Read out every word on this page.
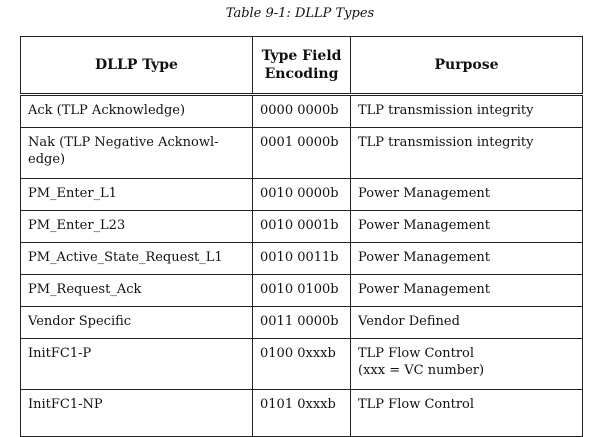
Table 9-1: DLLP Types
DLLP Type	Type Field Encoding	Purpose
Ack (TLP Acknowledge)	0000 0000b	TLP transmission integrity
Nak (TLP Negative Acknowl-
edge)	0001 0000b	TLP transmission integrity
PM_Enter_L1	0010 0000b	Power Management
PM_Enter_L23	0010 0001b	Power Management
PM_Active_State_Request_L1	0010 0011b	Power Management
PM_Request_Ack	0010 0100b	Power Management
Vendor Specific	0011 0000b	Vendor Defined
InitFC1-P	0100 0xxxb	TLP Flow Control
(xxx = VC number)
InitFC1-NP	0101 0xxxb	TLP Flow Control
